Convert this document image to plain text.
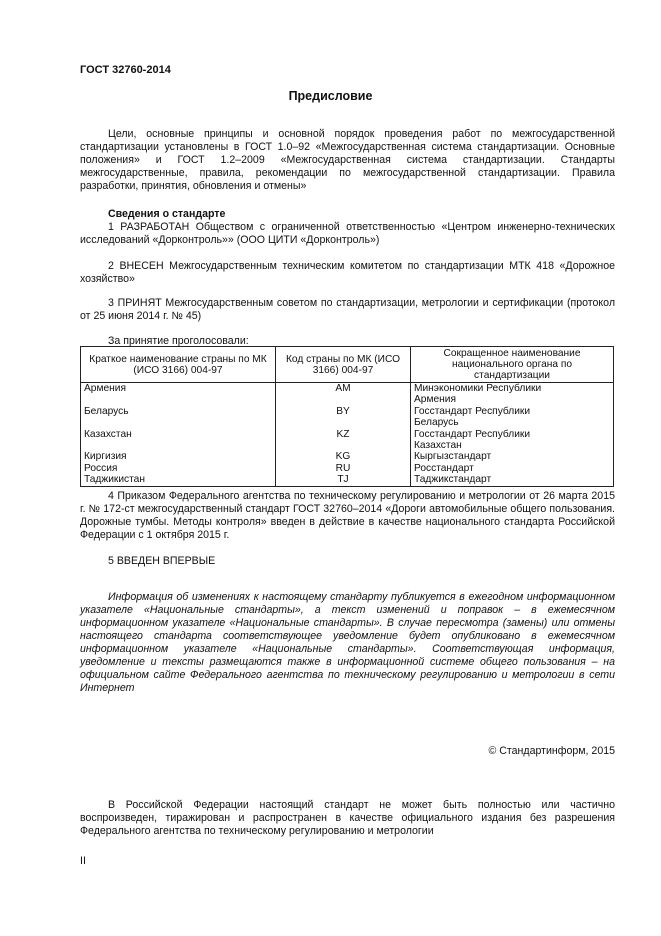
ГОСТ 32760-2014
Предисловие
Цели, основные принципы и основной порядок проведения работ по межгосударственной стандартизации установлены в ГОСТ 1.0–92 «Межгосударственная система стандартизации. Основные положения» и ГОСТ 1.2–2009 «Межгосударственная система стандартизации. Стандарты межгосударственные, правила, рекомендации по межгосударственной стандартизации. Правила разработки, принятия, обновления и отмены»
Сведения о стандарте
1 РАЗРАБОТАН Обществом с ограниченной ответственностью «Центром инженерно-технических исследований «Дорконтроль»» (ООО ЦИТИ «Дорконтроль»)
2 ВНЕСЕН Межгосударственным техническим комитетом по стандартизации МТК 418 «Дорожное хозяйство»
3 ПРИНЯТ Межгосударственным советом по стандартизации, метрологии и сертификации (протокол от 25 июня 2014 г. № 45)
За принятие проголосовали:
Краткое наименование страны по МК (ИСО 3166) 004-97	Код страны по МК (ИСО 3166) 004-97	Сокращенное наименование национального органа по стандартизации
Армения	AM	Минэкономики Республики
		Армения
Беларусь	BY	Госстандарт Республики
		Беларусь
Казахстан	KZ	Госстандарт Республики
		Казахстан
Киргизия	KG	Кыргызстандарт
Россия	RU	Росстандарт
Таджикистан	TJ	Таджикстандарт
4 Приказом Федерального агентства по техническому регулированию и метрологии от 26 марта 2015 г. № 172-ст межгосударственный стандарт ГОСТ 32760–2014 «Дороги автомобильные общего пользования. Дорожные тумбы. Методы контроля» введен в действие в качестве национального стандарта Российской Федерации с 1 октября 2015 г.
5 ВВЕДЕН ВПЕРВЫЕ
Информация об изменениях к настоящему стандарту публикуется в ежегодном информационном указателе «Национальные стандарты», а текст изменений и поправок – в ежемесячном информационном указателе «Национальные стандарты». В случае пересмотра (замены) или отмены настоящего стандарта соответствующее уведомление будет опубликовано в ежемесячном информационном указателе «Национальные стандарты». Соответствующая информация, уведомление и тексты размещаются также в информационной системе общего пользования – на официальном сайте Федерального агентства по техническому регулированию и метрологии в сети Интернет
© Стандартинформ, 2015
В Российской Федерации настоящий стандарт не может быть полностью или частично воспроизведен, тиражирован и распространен в качестве официального издания без разрешения Федерального агентства по техническому регулированию и метрологии
II
